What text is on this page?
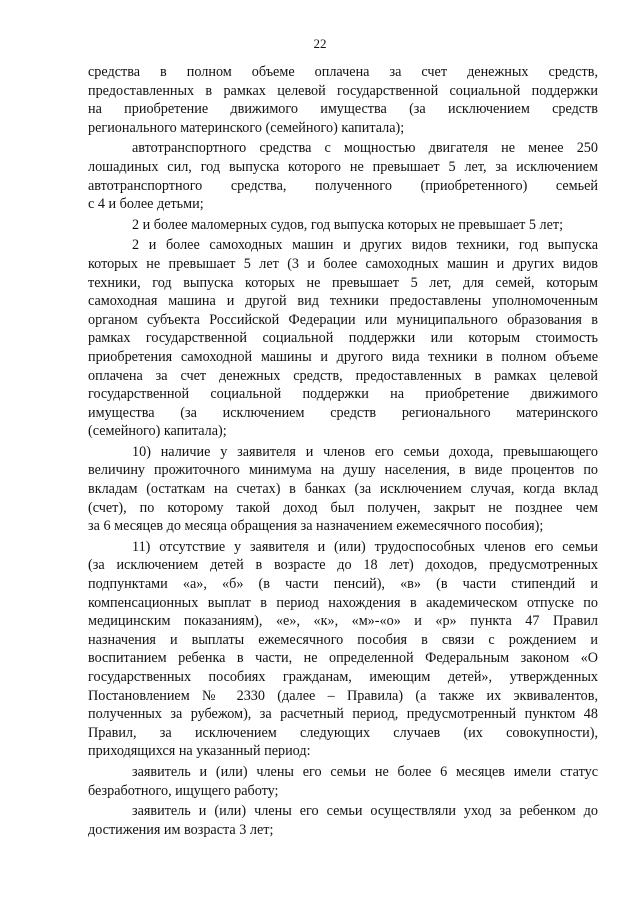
22
средства в полном объеме оплачена за счет денежных средств,
предоставленных в рамках целевой государственной социальной поддержки
на приобретение движимого имущества (за исключением средств
регионального материнского (семейного) капитала);
автотранспортного средства с мощностью двигателя не менее 250
лошадиных сил, год выпуска которого не превышает 5 лет, за исключением
автотранспортного средства, полученного (приобретенного) семьей
с 4 и более детьми;
2 и более маломерных судов, год выпуска которых не превышает 5 лет;
2 и более самоходных машин и других видов техники, год выпуска
которых не превышает 5 лет (3 и более самоходных машин и других видов
техники, год выпуска которых не превышает 5 лет, для семей, которым
самоходная машина и другой вид техники предоставлены уполномоченным
органом субъекта Российской Федерации или муниципального образования в
рамках государственной социальной поддержки или которым стоимость
приобретения самоходной машины и другого вида техники в полном объеме
оплачена за счет денежных средств, предоставленных в рамках целевой
государственной социальной поддержки на приобретение движимого
имущества (за исключением средств регионального материнского
(семейного) капитала);
10) наличие у заявителя и членов его семьи дохода, превышающего
величину прожиточного минимума на душу населения, в виде процентов по
вкладам (остаткам на счетах) в банках (за исключением случая, когда вклад
(счет), по которому такой доход был получен, закрыт не позднее чем
за 6 месяцев до месяца обращения за назначением ежемесячного пособия);
11) отсутствие у заявителя и (или) трудоспособных членов его семьи
(за исключением детей в возрасте до 18 лет) доходов, предусмотренных
подпунктами «а», «б» (в части пенсий), «в» (в части стипендий и
компенсационных выплат в период нахождения в академическом отпуске по
медицинским показаниям), «е», «к», «м»-«о» и «р» пункта 47 Правил
назначения и выплаты ежемесячного пособия в связи с рождением и
воспитанием ребенка в части, не определенной Федеральным законом «О
государственных пособиях гражданам, имеющим детей», утвержденных
Постановлением № 2330 (далее – Правила) (а также их эквивалентов,
полученных за рубежом), за расчетный период, предусмотренный пунктом 48
Правил, за исключением следующих случаев (их совокупности),
приходящихся на указанный период:
заявитель и (или) члены его семьи не более 6 месяцев имели статус
безработного, ищущего работу;
заявитель и (или) члены его семьи осуществляли уход за ребенком до
достижения им возраста 3 лет;
